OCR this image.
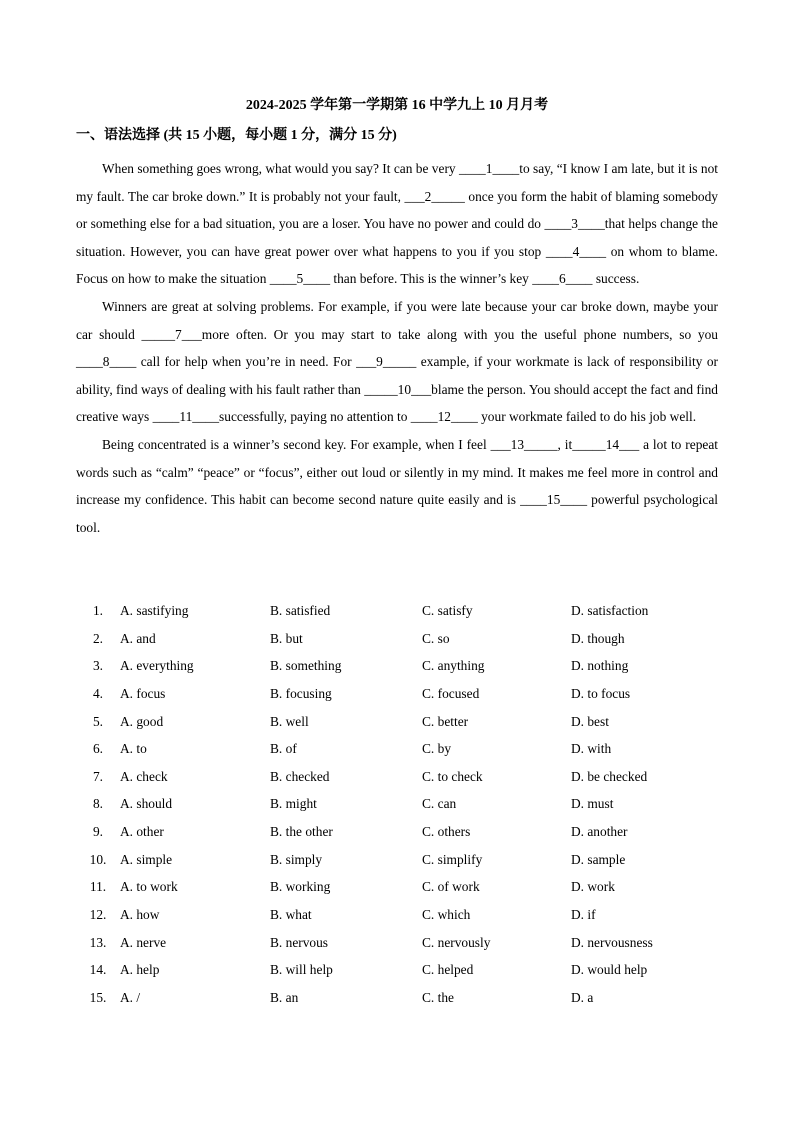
2024-2025 学年第一学期第 16 中学九上 10 月月考
一、语法选择 (共 15 小题，每小题 1 分，满分 15 分)

When something goes wrong, what would you say? It can be very ____1____to say, “I know I am late, but it is not my fault. The car broke down.” It is probably not your fault, ___2_____ once you form the habit of blaming somebody or something else for a bad situation, you are a loser. You have no power and could do ____3____that helps change the situation. However, you can have great power over what happens to you if you stop ____4____ on whom to blame. Focus on how to make the situation ____5____ than before. This is the winner’s key ____6____ success.

Winners are great at solving problems. For example, if you were late because your car broke down, maybe your car should _____7___more often. Or you may start to take along with you the useful phone numbers, so you ____8____ call for help when you’re in need. For ___9_____ example, if your workmate is lack of responsibility or ability, find ways of dealing with his fault rather than _____10___blame the person. You should accept the fact and find creative ways ____11____successfully, paying no attention to ____12____ your workmate failed to do his job well.

Being concentrated is a winner’s second key. For example, when I feel ___13_____, it_____14___ a lot to repeat words such as “calm” “peace” or “focus”, either out loud or silently in my mind. It makes me feel more in control and increase my confidence. This habit can become second nature quite easily and is ____15____ powerful psychological tool.

1.	A. sastifying	B. satisfied	C. satisfy	D. satisfaction
2.	A. and	B. but	C. so	D. though
3.	A. everything	B. something	C. anything	D. nothing
4.	A. focus	B. focusing	C. focused	D. to focus
5.	A. good	B. well	C. better	D. best
6.	A. to	B. of	C. by	D. with
7.	A. check	B. checked	C. to check	D. be checked
8.	A. should	B. might	C. can	D. must
9.	A. other	B. the other	C. others	D. another
10.	A. simple	B. simply	C. simplify	D. sample
11.	A. to work	B. working	C. of work	D. work
12.	A. how	B. what	C. which	D. if
13.	A. nerve	B. nervous	C. nervously	D. nervousness
14.	A. help	B. will help	C. helped	D. would help
15.	A. /	B. an	C. the	D. a
